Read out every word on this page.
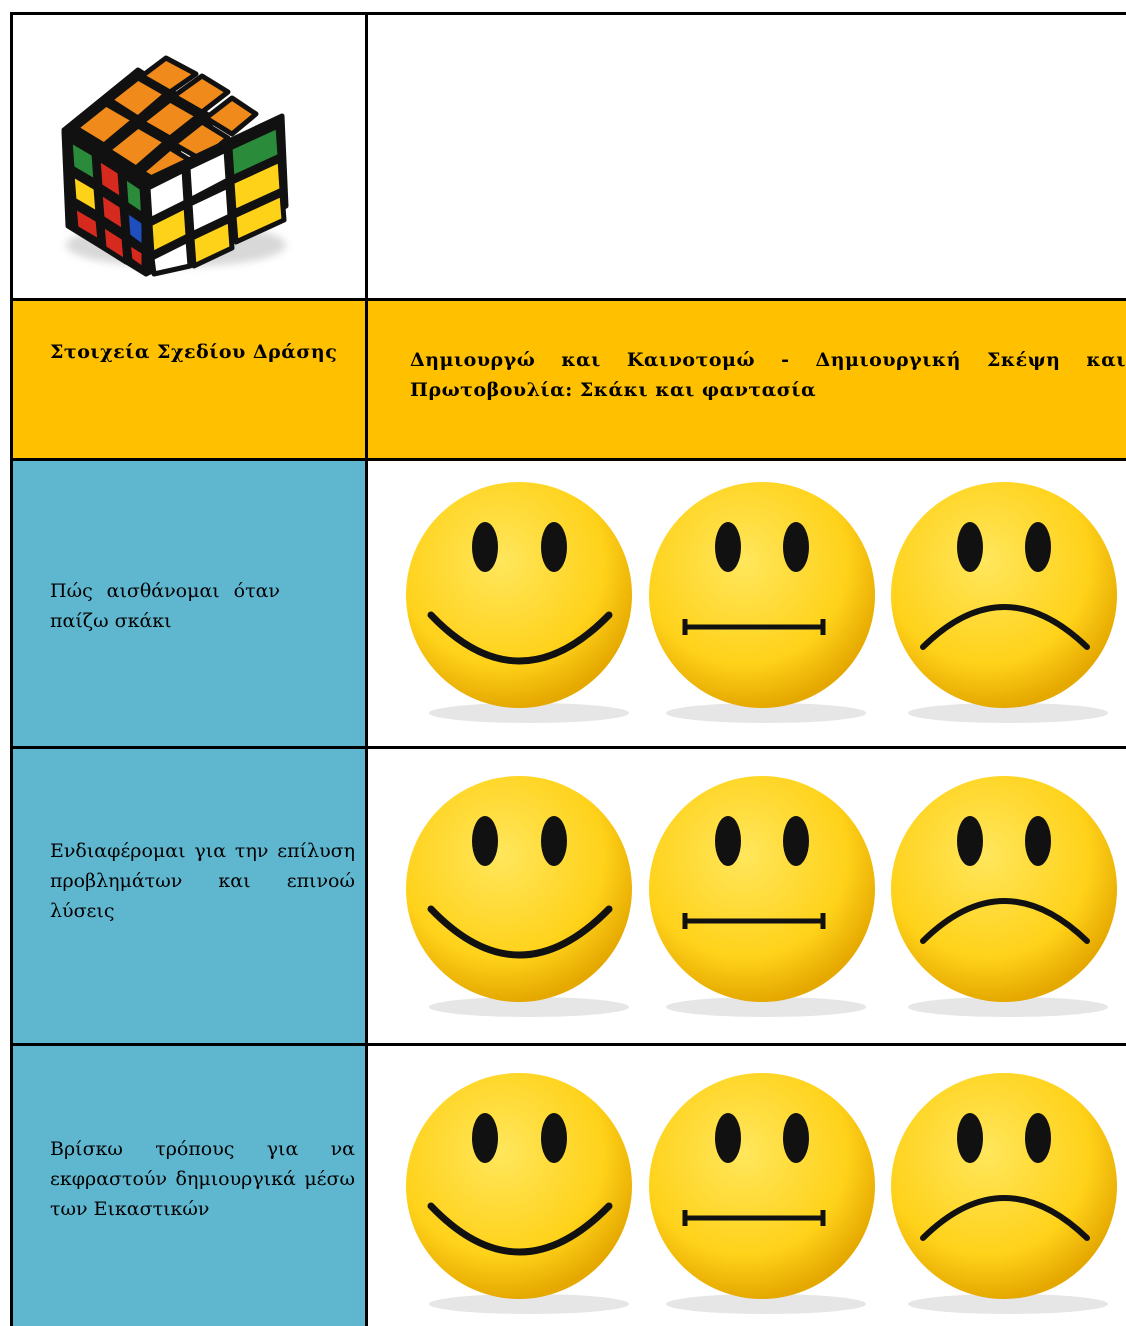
Στοιχεία Σχεδίου Δράσης	Δημιουργώ και Καινοτομώ - Δημιουργική Σκέψη και Πρωτοβουλία: Σκάκι και φαντασία
Πώς αισθάνομαι όταν παίζω σκάκι
Ενδιαφέρομαι για την επίλυση προβλημάτων και επινοώ λύσεις
Βρίσκω τρόπους για να εκφραστούν δημιουργικά μέσω των Εικαστικών
